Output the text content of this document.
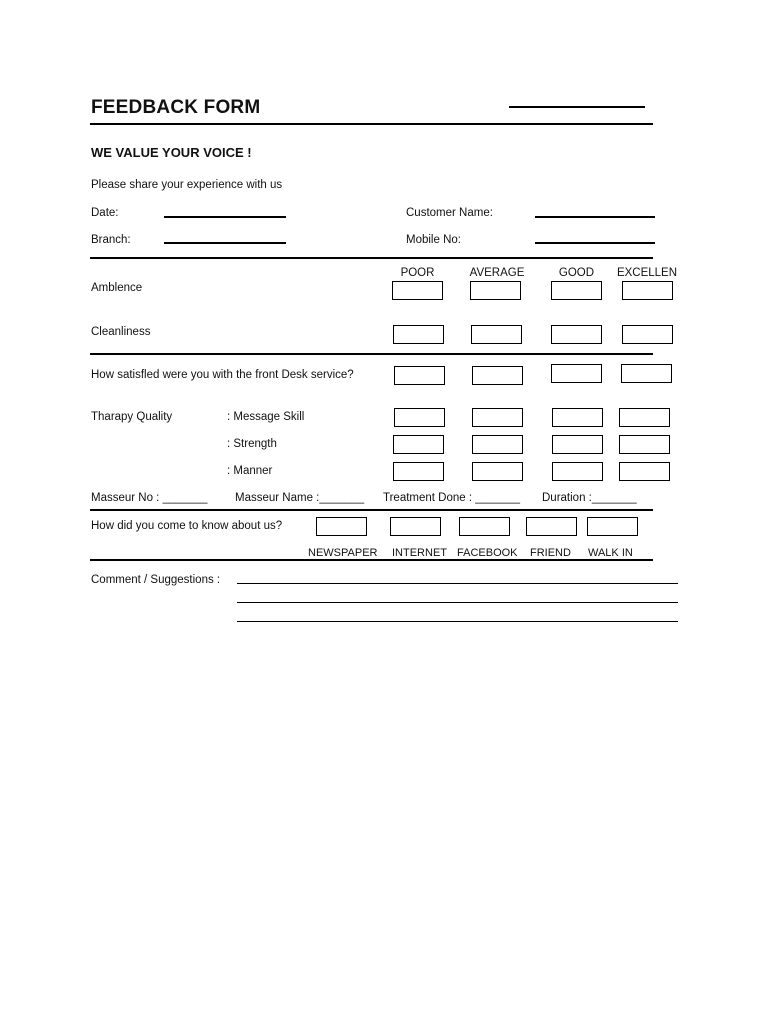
FEEDBACK FORM
WE VALUE YOUR VOICE !
Please share your experience with us
Date:	Customer Name:
Branch:	Mobile No:
POOR	AVERAGE	GOOD	EXCELLEN
Amblence
Cleanliness
How satisfled were you with the front Desk service?
Tharapy Quality	: Message Skill
: Strength
: Manner
Masseur No : _______ Masseur Name :_______ Treatment Done : _______ Duration :_______
How did you come to know about us?
NEWSPAPER INTERNET FACEBOOK FRIEND WALK IN
Comment / Suggestions :
